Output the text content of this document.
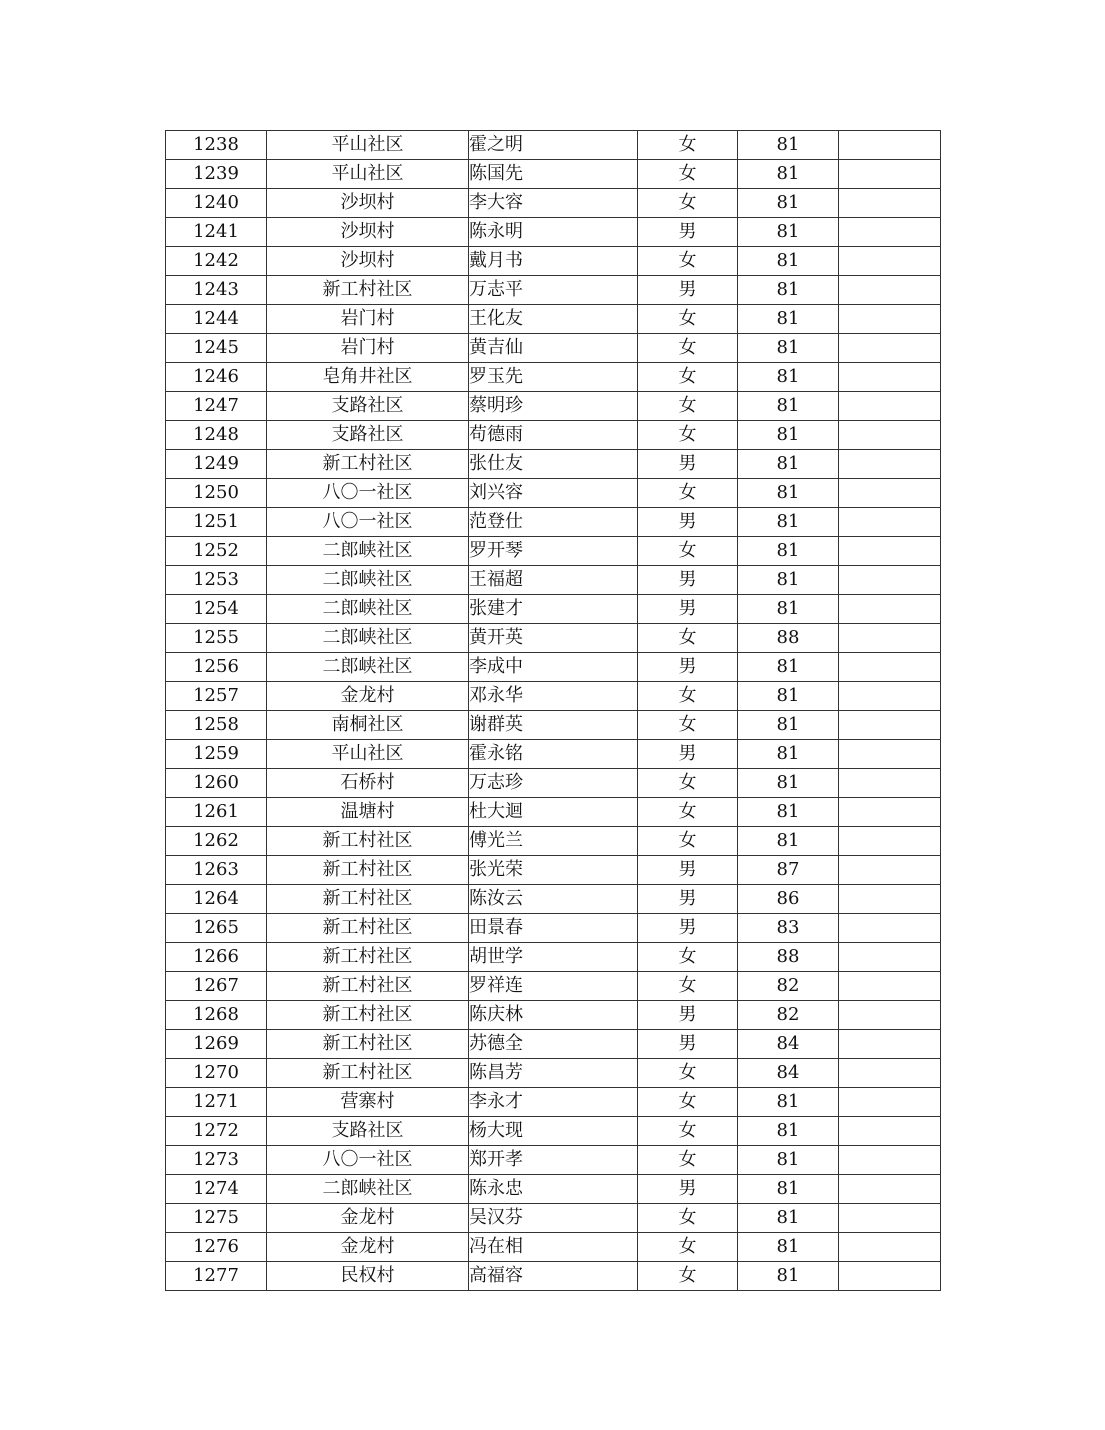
1238	平山社区	霍之明	女	81	
1239	平山社区	陈国先	女	81	
1240	沙坝村	李大容	女	81	
1241	沙坝村	陈永明	男	81	
1242	沙坝村	戴月书	女	81	
1243	新工村社区	万志平	男	81	
1244	岩门村	王化友	女	81	
1245	岩门村	黄吉仙	女	81	
1246	皂角井社区	罗玉先	女	81	
1247	支路社区	蔡明珍	女	81	
1248	支路社区	苟德雨	女	81	
1249	新工村社区	张仕友	男	81	
1250	八〇一社区	刘兴容	女	81	
1251	八〇一社区	范登仕	男	81	
1252	二郎峡社区	罗开琴	女	81	
1253	二郎峡社区	王福超	男	81	
1254	二郎峡社区	张建才	男	81	
1255	二郎峡社区	黄开英	女	88	
1256	二郎峡社区	李成中	男	81	
1257	金龙村	邓永华	女	81	
1258	南桐社区	谢群英	女	81	
1259	平山社区	霍永铭	男	81	
1260	石桥村	万志珍	女	81	
1261	温塘村	杜大迴	女	81	
1262	新工村社区	傅光兰	女	81	
1263	新工村社区	张光荣	男	87	
1264	新工村社区	陈汝云	男	86	
1265	新工村社区	田景春	男	83	
1266	新工村社区	胡世学	女	88	
1267	新工村社区	罗祥连	女	82	
1268	新工村社区	陈庆林	男	82	
1269	新工村社区	苏德全	男	84	
1270	新工村社区	陈昌芳	女	84	
1271	营寨村	李永才	女	81	
1272	支路社区	杨大现	女	81	
1273	八〇一社区	郑开孝	女	81	
1274	二郎峡社区	陈永忠	男	81	
1275	金龙村	吴汉芬	女	81	
1276	金龙村	冯在相	女	81	
1277	民权村	高福容	女	81	
